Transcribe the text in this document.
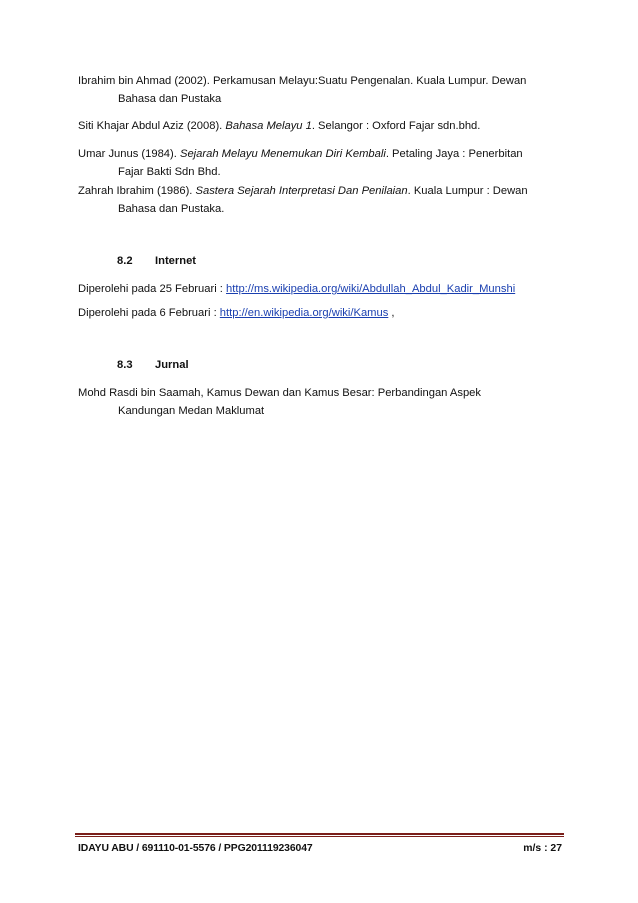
Ibrahim bin Ahmad (2002). Perkamusan Melayu:Suatu Pengenalan. Kuala Lumpur. Dewan
Bahasa dan Pustaka
Siti Khajar Abdul Aziz (2008). Bahasa Melayu 1. Selangor : Oxford Fajar sdn.bhd.
Umar Junus (1984). Sejarah Melayu Menemukan Diri Kembali. Petaling Jaya : Penerbitan
Fajar Bakti Sdn Bhd.
Zahrah Ibrahim (1986). Sastera Sejarah Interpretasi Dan Penilaian. Kuala Lumpur : Dewan
Bahasa dan Pustaka.
8.2 Internet
Diperolehi pada 25 Februari : http://ms.wikipedia.org/wiki/Abdullah_Abdul_Kadir_Munshi
Diperolehi pada 6 Februari : http://en.wikipedia.org/wiki/Kamus ,
8.3 Jurnal
Mohd Rasdi bin Saamah, Kamus Dewan dan Kamus Besar: Perbandingan Aspek
Kandungan Medan Maklumat
IDAYU ABU / 691110-01-5576 / PPG201119236047	m/s : 27
